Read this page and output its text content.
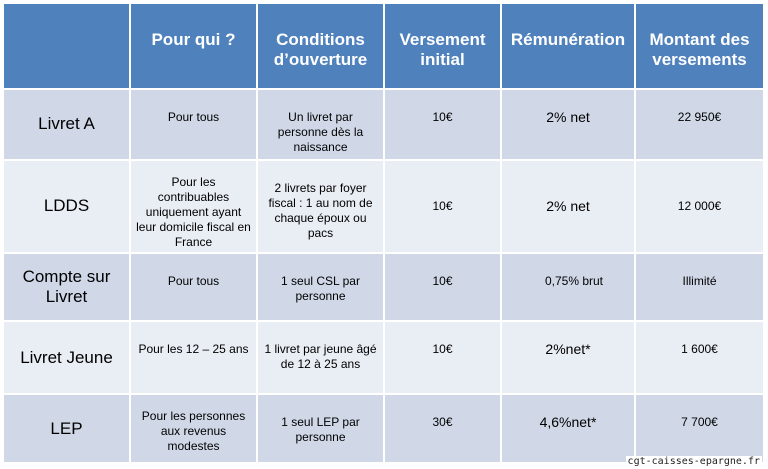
	Pour qui ?	Conditions d’ouverture	Versement initial	Rémunération	Montant des versements
Livret A	Pour tous	Un livret par personne dès la naissance	10€	2% net	22 950€
LDDS	Pour les contribuables uniquement ayant leur domicile fiscal en France	2 livrets par foyer fiscal : 1 au nom de chaque époux ou pacs	10€	2% net	12 000€
Compte sur Livret	Pour tous	1 seul CSL par personne	10€	0,75% brut	Illimité
Livret Jeune	Pour les 12 – 25 ans	1 livret par jeune âgé de 12 à 25 ans	10€	2%net*	1 600€
LEP	Pour les personnes aux revenus modestes	1 seul LEP par personne	30€	4,6%net*	7 700€
cgt-caisses-epargne.fr
